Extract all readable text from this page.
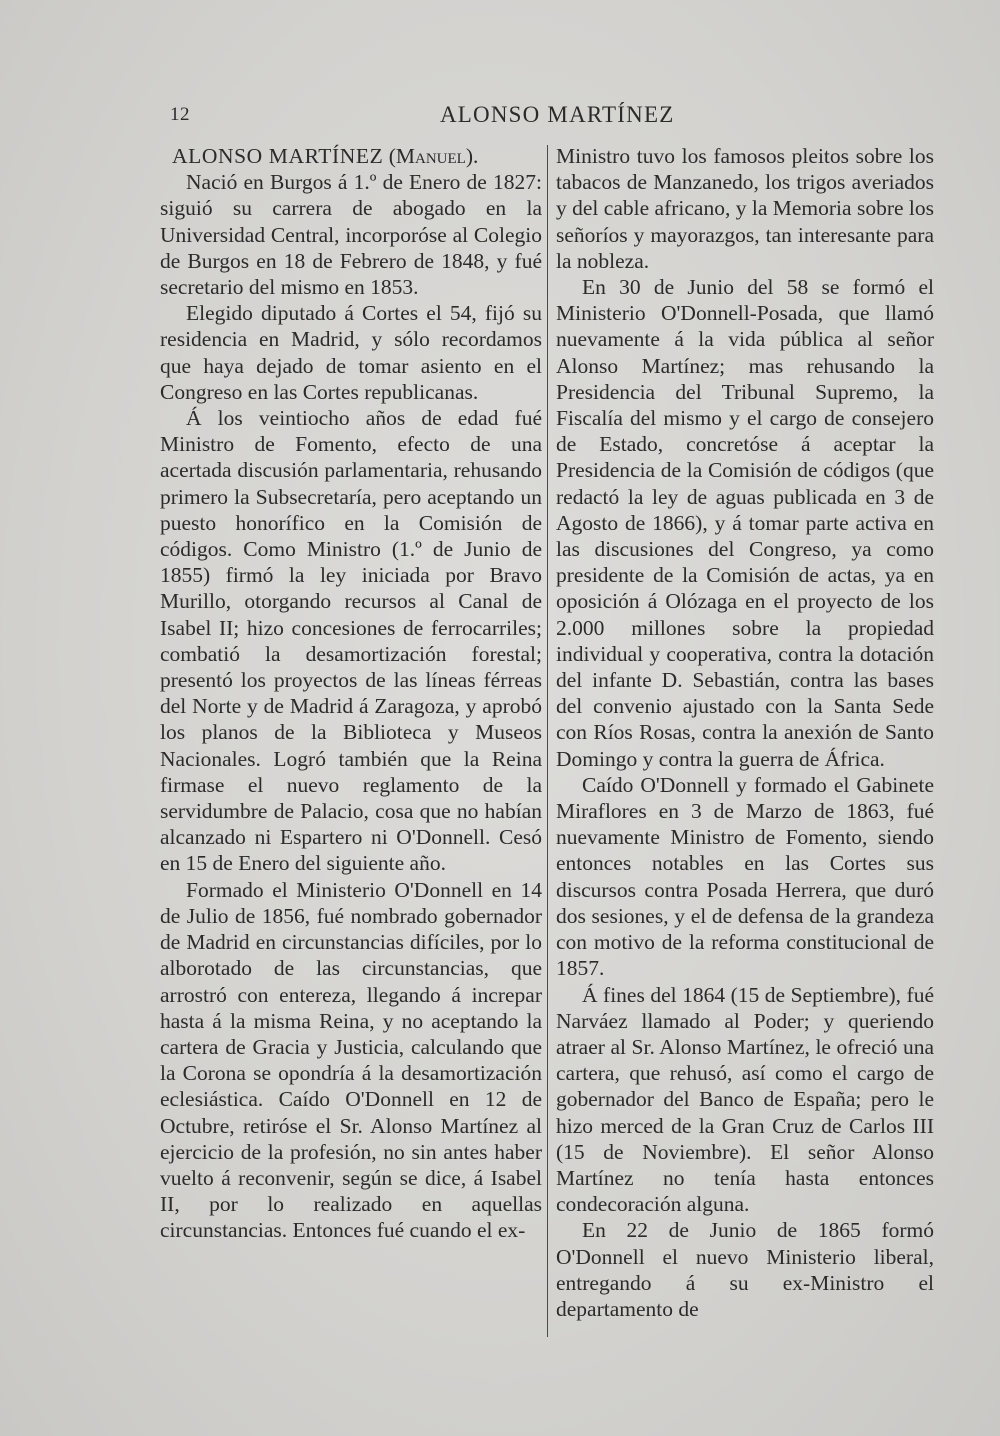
12	ALONSO MARTÍNEZ

ALONSO MARTÍNEZ (Manuel).

Nació en Burgos á 1.º de Enero de 1827: siguió su carrera de abogado en la Universidad Central, incorporóse al Colegio de Burgos en 18 de Febrero de 1848, y fué secretario del mismo en 1853.

Elegido diputado á Cortes el 54, fijó su residencia en Madrid, y sólo recordamos que haya dejado de tomar asiento en el Congreso en las Cortes republicanas.

Á los veintiocho años de edad fué Ministro de Fomento, efecto de una acertada discusión parlamentaria, rehusando primero la Subsecretaría, pero aceptando un puesto honorífico en la Comisión de códigos. Como Ministro (1.º de Junio de 1855) firmó la ley iniciada por Bravo Murillo, otorgando recursos al Canal de Isabel II; hizo concesiones de ferrocarriles; combatió la desamortización forestal; presentó los proyectos de las líneas férreas del Norte y de Madrid á Zaragoza, y aprobó los planos de la Biblioteca y Museos Nacionales. Logró también que la Reina firmase el nuevo reglamento de la servidumbre de Palacio, cosa que no habían alcanzado ni Espartero ni O'Donnell. Cesó en 15 de Enero del siguiente año.

Formado el Ministerio O'Donnell en 14 de Julio de 1856, fué nombrado gobernador de Madrid en circunstancias difíciles, por lo alborotado de las circunstancias, que arrostró con entereza, llegando á increpar hasta á la misma Reina, y no aceptando la cartera de Gracia y Justicia, calculando que la Corona se opondría á la desamortización eclesiástica. Caído O'Donnell en 12 de Octubre, retiróse el Sr. Alonso Martínez al ejercicio de la profesión, no sin antes haber vuelto á reconvenir, según se dice, á Isabel II, por lo realizado en aquellas circunstancias. Entonces fué cuando el ex-

Ministro tuvo los famosos pleitos sobre los tabacos de Manzanedo, los trigos averiados y del cable africano, y la Memoria sobre los señoríos y mayorazgos, tan interesante para la nobleza.

En 30 de Junio del 58 se formó el Ministerio O'Donnell-Posada, que llamó nuevamente á la vida pública al señor Alonso Martínez; mas rehusando la Presidencia del Tribunal Supremo, la Fiscalía del mismo y el cargo de consejero de Estado, concretóse á aceptar la Presidencia de la Comisión de códigos (que redactó la ley de aguas publicada en 3 de Agosto de 1866), y á tomar parte activa en las discusiones del Congreso, ya como presidente de la Comisión de actas, ya en oposición á Olózaga en el proyecto de los 2.000 millones sobre la propiedad individual y cooperativa, contra la dotación del infante D. Sebastián, contra las bases del convenio ajustado con la Santa Sede con Ríos Rosas, contra la anexión de Santo Domingo y contra la guerra de África.

Caído O'Donnell y formado el Gabinete Miraflores en 3 de Marzo de 1863, fué nuevamente Ministro de Fomento, siendo entonces notables en las Cortes sus discursos contra Posada Herrera, que duró dos sesiones, y el de defensa de la grandeza con motivo de la reforma constitucional de 1857.

Á fines del 1864 (15 de Septiembre), fué Narváez llamado al Poder; y queriendo atraer al Sr. Alonso Martínez, le ofreció una cartera, que rehusó, así como el cargo de gobernador del Banco de España; pero le hizo merced de la Gran Cruz de Carlos III (15 de Noviembre). El señor Alonso Martínez no tenía hasta entonces condecoración alguna.

En 22 de Junio de 1865 formó O'Donnell el nuevo Ministerio liberal, entregando á su ex-Ministro el departamento de
